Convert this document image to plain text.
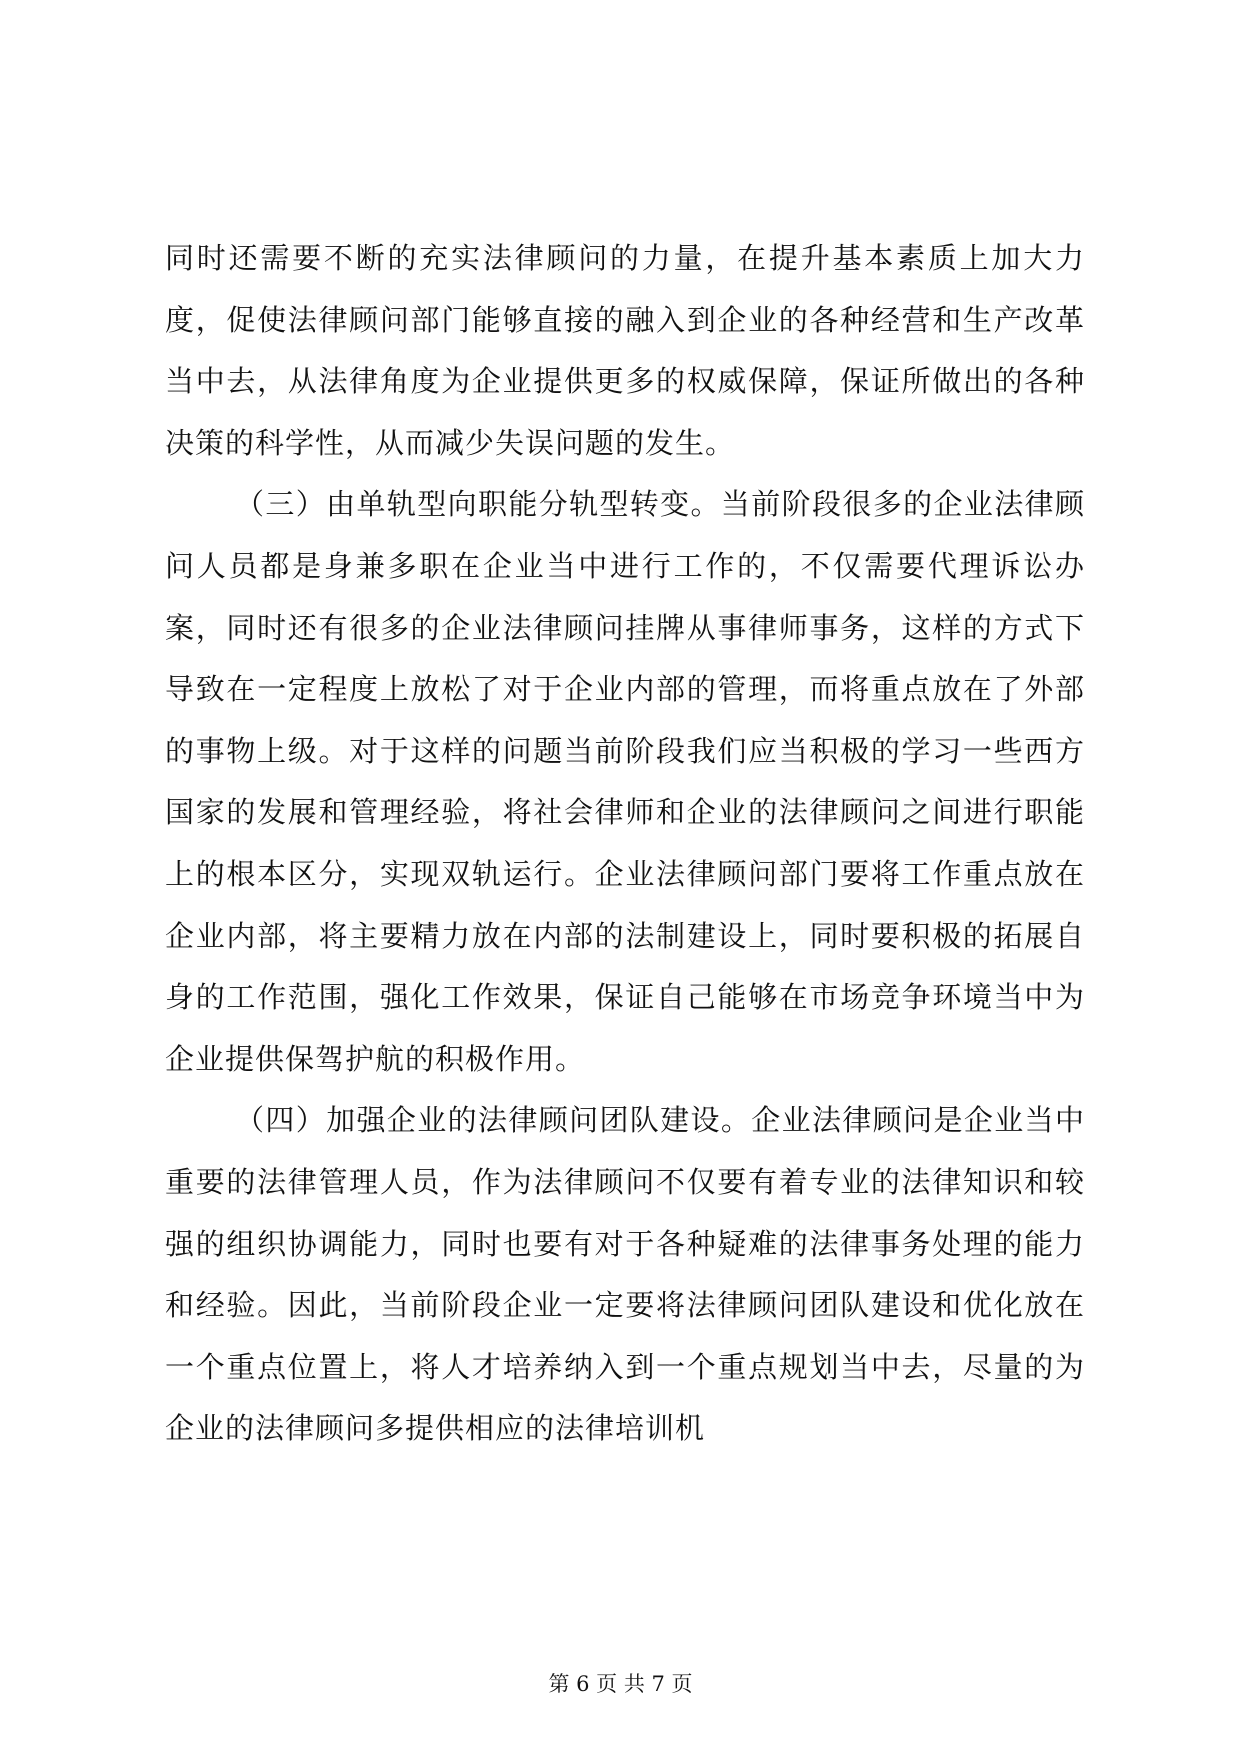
同时还需要不断的充实法律顾问的力量，在提升基本素质上加大力度，促使法律顾问部门能够直接的融入到企业的各种经营和生产改革当中去，从法律角度为企业提供更多的权威保障，保证所做出的各种决策的科学性，从而减少失误问题的发生。

（三）由单轨型向职能分轨型转变。当前阶段很多的企业法律顾问人员都是身兼多职在企业当中进行工作的，不仅需要代理诉讼办案，同时还有很多的企业法律顾问挂牌从事律师事务，这样的方式下导致在一定程度上放松了对于企业内部的管理，而将重点放在了外部的事物上级。对于这样的问题当前阶段我们应当积极的学习一些西方国家的发展和管理经验，将社会律师和企业的法律顾问之间进行职能上的根本区分，实现双轨运行。企业法律顾问部门要将工作重点放在企业内部，将主要精力放在内部的法制建设上，同时要积极的拓展自身的工作范围，强化工作效果，保证自己能够在市场竞争环境当中为企业提供保驾护航的积极作用。

（四）加强企业的法律顾问团队建设。企业法律顾问是企业当中重要的法律管理人员，作为法律顾问不仅要有着专业的法律知识和较强的组织协调能力，同时也要有对于各种疑难的法律事务处理的能力和经验。因此，当前阶段企业一定要将法律顾问团队建设和优化放在一个重点位置上，将人才培养纳入到一个重点规划当中去，尽量的为企业的法律顾问多提供相应的法律培训机

第 6 页 共 7 页
